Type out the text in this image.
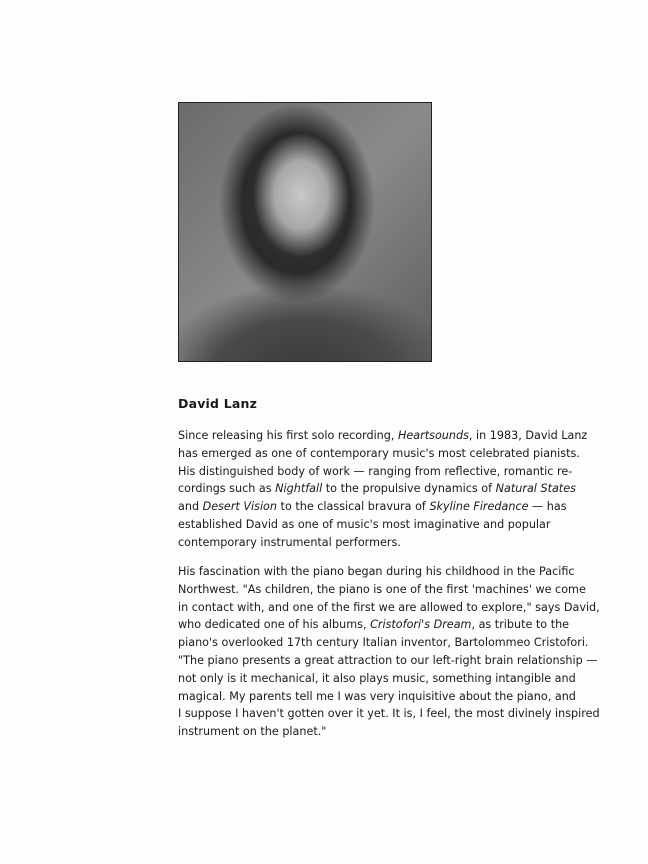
David Lanz
Since releasing his first solo recording, Heartsounds, in 1983, David Lanz
has emerged as one of contemporary music's most celebrated pianists.
His distinguished body of work — ranging from reflective, romantic re-
cordings such as Nightfall to the propulsive dynamics of Natural States
and Desert Vision to the classical bravura of Skyline Firedance — has
established David as one of music's most imaginative and popular
contemporary instrumental performers.
His fascination with the piano began during his childhood in the Pacific
Northwest. "As children, the piano is one of the first 'machines' we come
in contact with, and one of the first we are allowed to explore," says David,
who dedicated one of his albums, Cristofori's Dream, as tribute to the
piano's overlooked 17th century Italian inventor, Bartolommeo Cristofori.
"The piano presents a great attraction to our left-right brain relationship —
not only is it mechanical, it also plays music, something intangible and
magical. My parents tell me I was very inquisitive about the piano, and
I suppose I haven't gotten over it yet. It is, I feel, the most divinely inspired
instrument on the planet."
